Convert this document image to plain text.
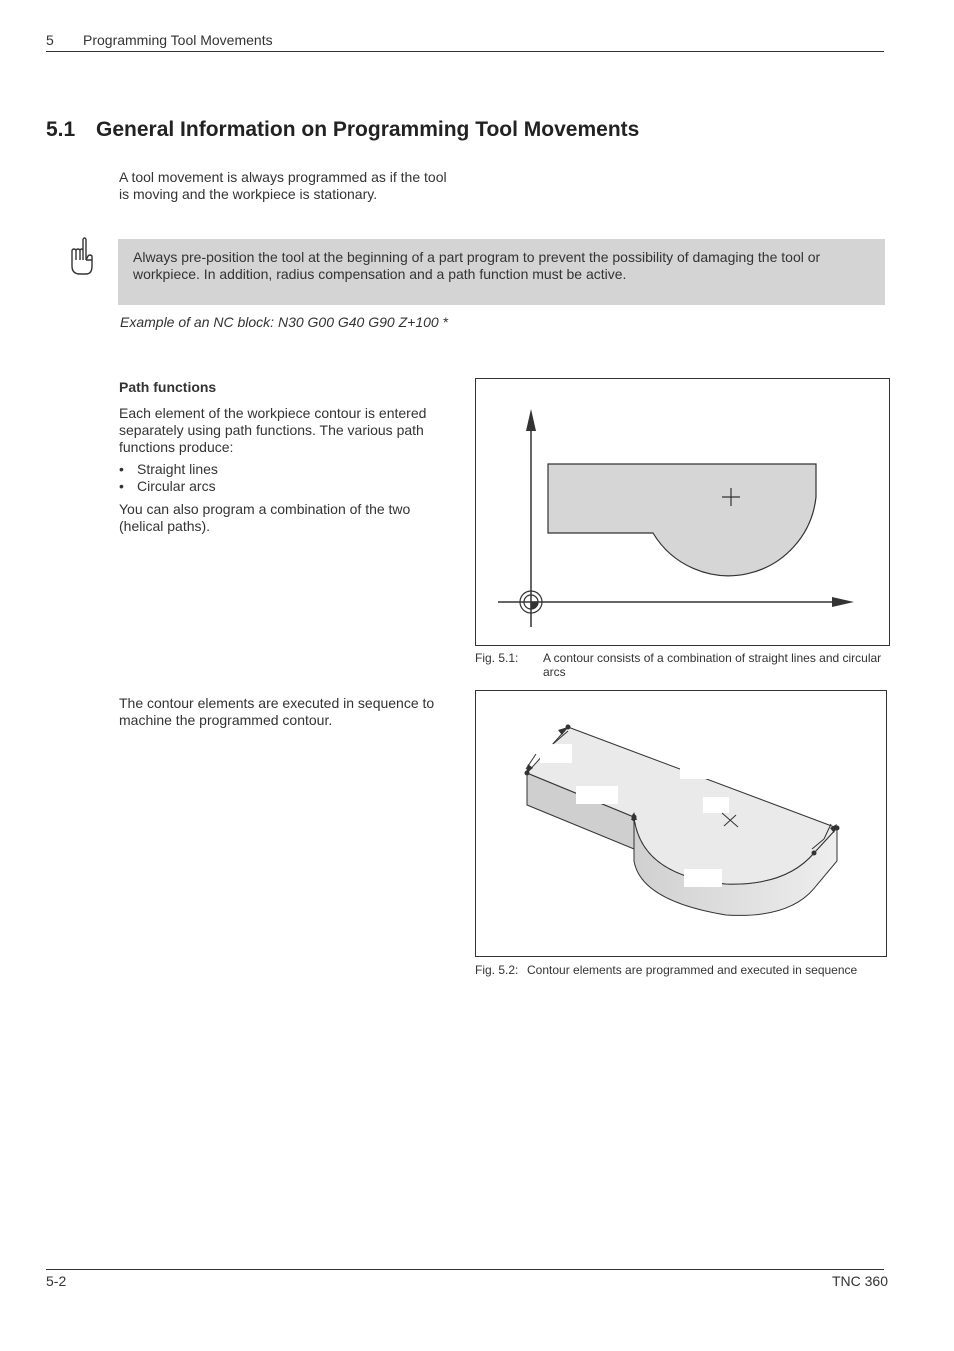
5 Programming Tool Movements
5.1 General Information on Programming Tool Movements
A tool movement is always programmed as if the tool is moving and the workpiece is stationary.
Always pre-position the tool at the beginning of a part program to prevent the possibility of damaging the tool or workpiece. In addition, radius compensation and a path function must be active.
Example of an NC block: N30 G00 G40 G90 Z+100 *
Path functions
Each element of the workpiece contour is entered separately using path functions. The various path functions produce:
• Straight lines
• Circular arcs
You can also program a combination of the two (helical paths).
Fig. 5.1: A contour consists of a combination of straight lines and circular arcs
The contour elements are executed in sequence to machine the programmed contour.
Fig. 5.2: Contour elements are programmed and executed in sequence
5-2	TNC 360
